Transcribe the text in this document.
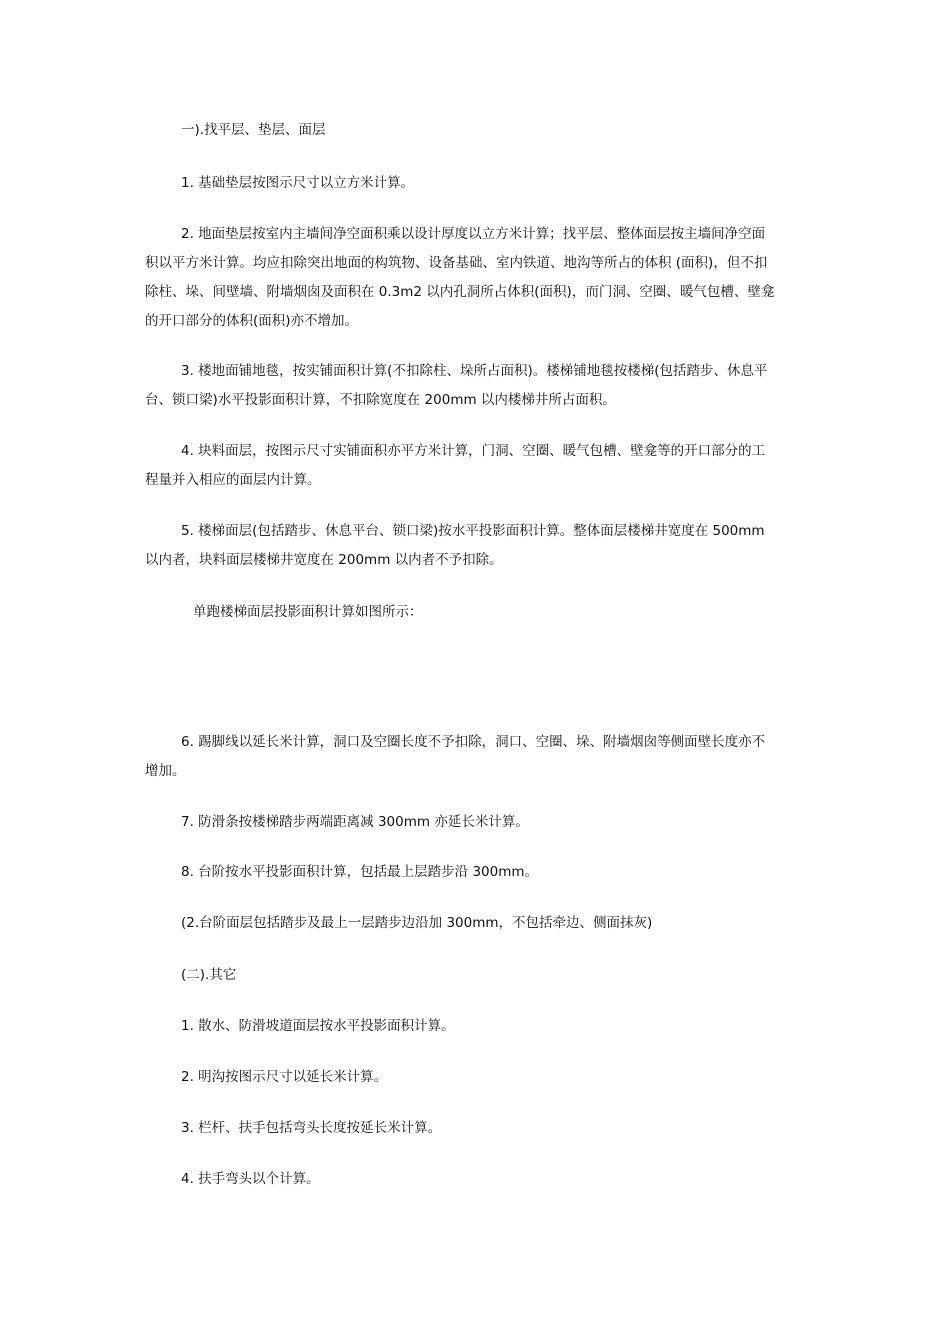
一).找平层、垫层、面层

1. 基础垫层按图示尺寸以立方米计算。

2. 地面垫层按室内主墙间净空面积乘以设计厚度以立方米计算；找平层、整体面层按主墙间净空面
积以平方米计算。均应扣除突出地面的构筑物、设备基础、室内铁道、地沟等所占的体积 (面积)，但不扣
除柱、垛、间壁墙、附墙烟囱及面积在 0.3m2 以内孔洞所占体积(面积)，而门洞、空圈、暖气包槽、壁龛
的开口部分的体积(面积)亦不增加。

3. 楼地面铺地毯，按实铺面积计算(不扣除柱、垛所占面积)。楼梯铺地毯按楼梯(包括踏步、休息平
台、锁口梁)水平投影面积计算，不扣除宽度在 200mm 以内楼梯井所占面积。

4. 块料面层，按图示尺寸实铺面积亦平方米计算，门洞、空圈、暖气包槽、壁龛等的开口部分的工
程量并入相应的面层内计算。

5. 楼梯面层(包括踏步、休息平台、锁口梁)按水平投影面积计算。整体面层楼梯井宽度在 500mm
以内者，块料面层楼梯井宽度在 200mm 以内者不予扣除。

单跑楼梯面层投影面积计算如图所示：

6. 踢脚线以延长米计算，洞口及空圈长度不予扣除，洞口、空圈、垛、附墙烟囱等侧面壁长度亦不
增加。

7. 防滑条按楼梯踏步两端距离减 300mm 亦延长米计算。

8. 台阶按水平投影面积计算，包括最上层踏步沿 300mm。

(2.台阶面层包括踏步及最上一层踏步边沿加 300mm，不包括牵边、侧面抹灰)

(二).其它

1. 散水、防滑坡道面层按水平投影面积计算。

2. 明沟按图示尺寸以延长米计算。

3. 栏杆、扶手包括弯头长度按延长米计算。

4. 扶手弯头以个计算。
